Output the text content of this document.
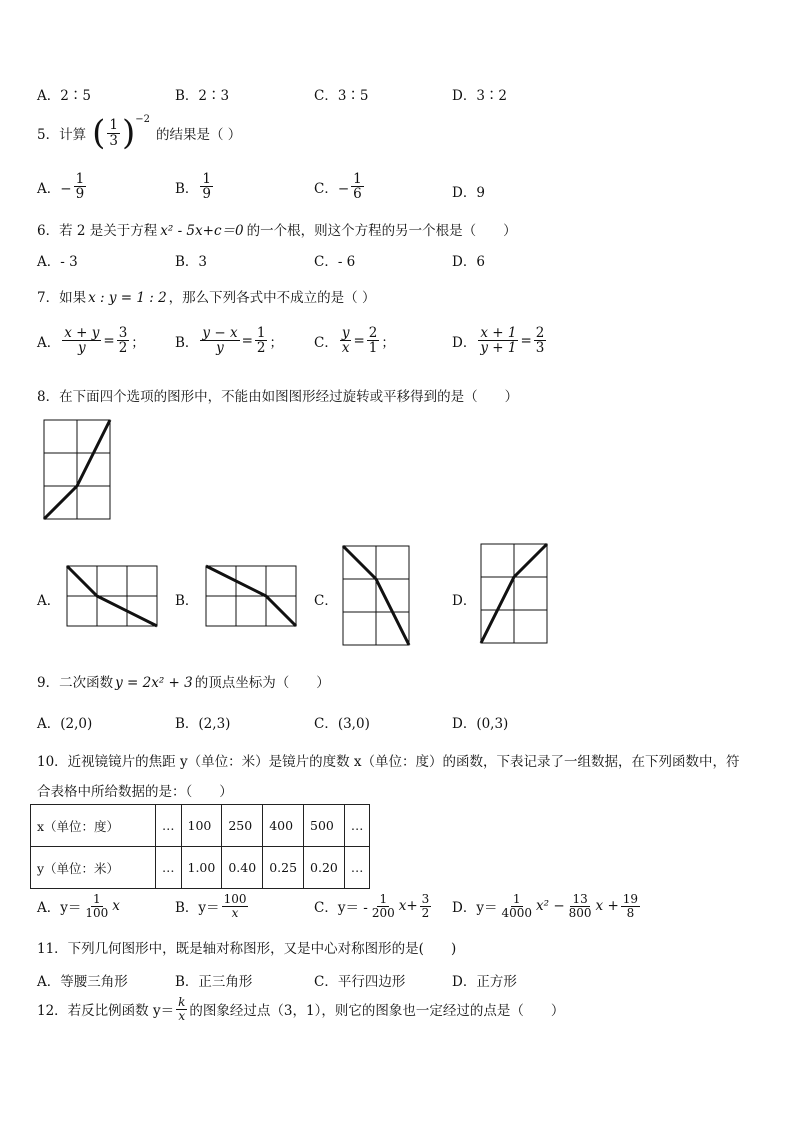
A．2∶5	B．2∶3	C．3∶5	D．3∶2
5． 计算 ( $\frac{1}{3} )^{-2}$
的结果是（ ）
A．− $\frac{1}{9}$	B． $\frac{1}{9}$	C．− $\frac{1}{6}$	D．9
6．若 2 是关于方程 x² - 5x+c＝0 的一个根，则这个方程的另一个根是（　　）
A．- 3	B．3	C．- 6	D．6
7．如果 x : y = 1 : 2 ，那么下列各式中不成立的是（ ）
A． $\frac{x + y}{y} = \frac{3}{2}$ ； B． $\frac{y - x}{y} = \frac{1}{2}$ ； C． $\frac{y}{x} = \frac{2}{1}$ ；	D． $\frac{x + 1}{y + 1} = \frac{2}{3}$
8．在下面四个选项的图形中，不能由如图图形经过旋转或平移得到的是（　　）
A．	B．	C．	D．
9．二次函数 y = 2x² + 3 的顶点坐标为（　　）
A．(2,0)	B．(2,3)	C．(3,0)	D．(0,3)
10．近视镜镜片的焦距 y（单位：米）是镜片的度数 x（单位：度）的函数，下表记录了一组数据，在下列函数中，符
合表格中所给数据的是：（　　）
x（单位：度）	…	100	250	400	500	…
y（单位：米）	…	1.00	0.40	0.25	0.20	…
A．$y= \frac{1}{100}$ x	B．$y= \frac{100}{x}$	C．$y= - \frac{1}{200} x+ \frac{3}{2}$ D．$y= \frac{1}{4000} x^2 - \frac{13}{800}$ $x + \frac{19}{8}$
11．下列几何图形中，既是轴对称图形，又是中心对称图形的是(　　)
A．等腰三角形	B．正三角形	C．平行四边形	D．正方形
12．若反比例函数 $y= \frac{k}{x}$ 的图象经过点（3，1），则它的图象也一定经过的点是（　　）
